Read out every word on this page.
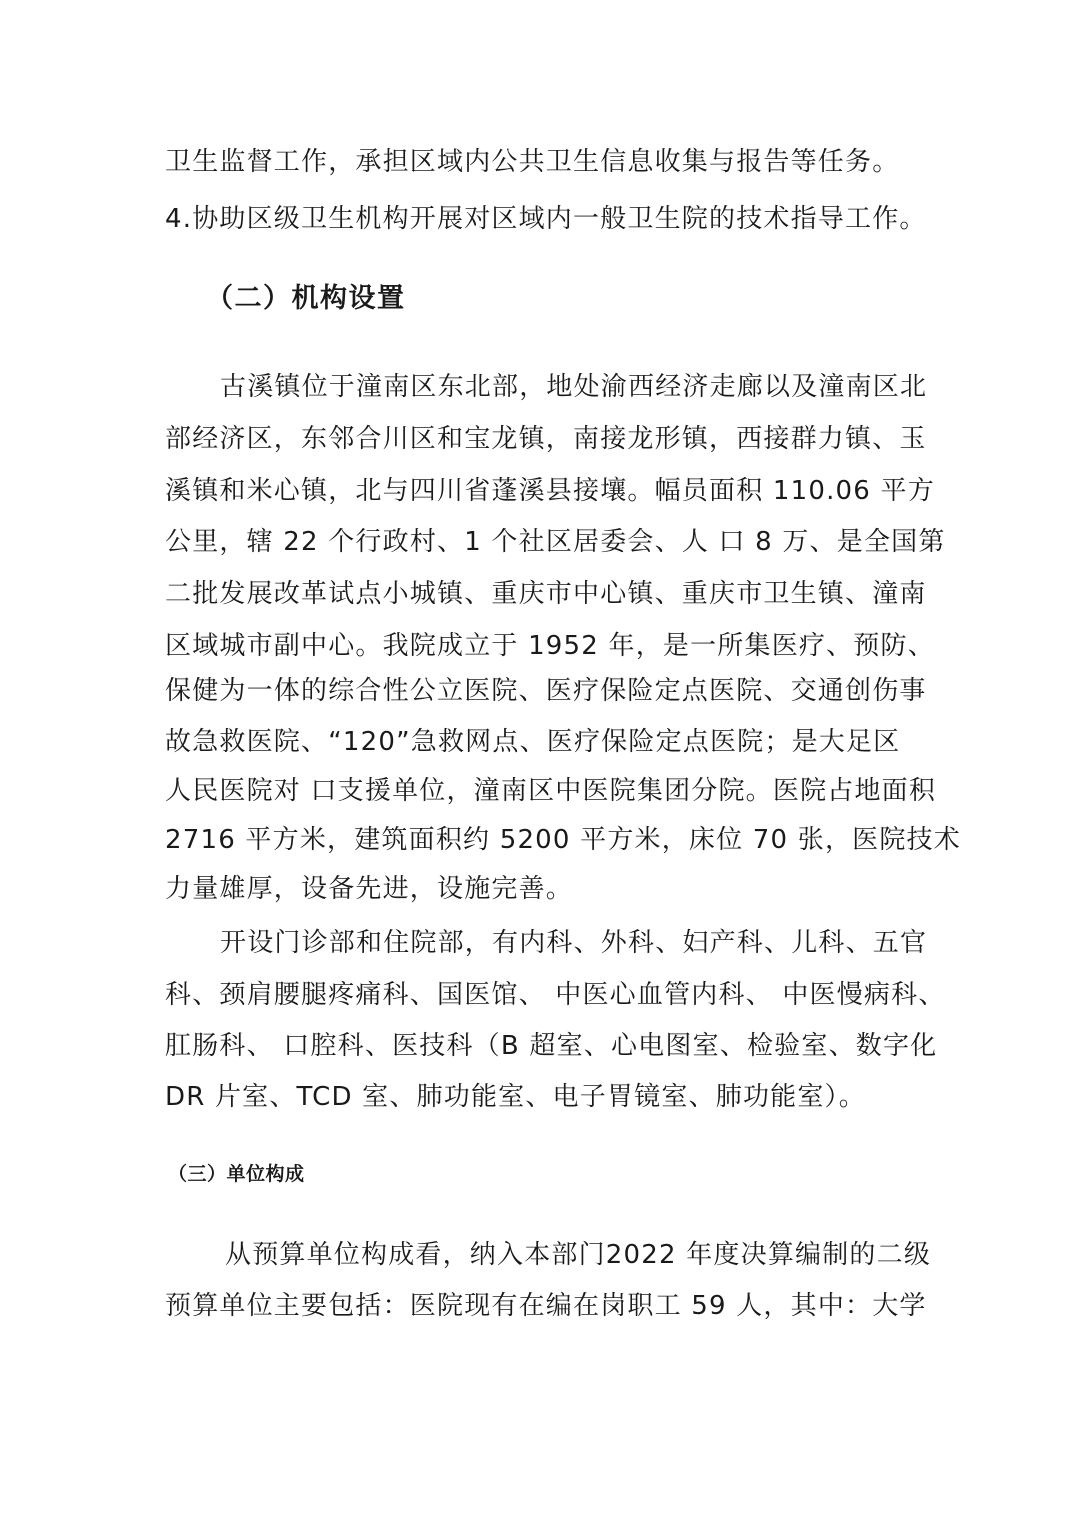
卫生监督工作，承担区域内公共卫生信息收集与报告等任务。
4.协助区级卫生机构开展对区域内一般卫生院的技术指导工作。
（二）机构设置
古溪镇位于潼南区东北部，地处渝西经济走廊以及潼南区北
部经济区，东邻合川区和宝龙镇，南接龙形镇，西接群力镇、玉
溪镇和米心镇，北与四川省蓬溪县接壤。幅员面积 110.06 平方
公里，辖 22 个行政村、1 个社区居委会、人 口 8 万、是全国第
二批发展改革试点小城镇、重庆市中心镇、重庆市卫生镇、潼南
区域城市副中心。我院成立于 1952 年，是一所集医疗、预防、
保健为一体的综合性公立医院、医疗保险定点医院、交通创伤事
故急救医院、“120”急救网点、医疗保险定点医院；是大足区
人民医院对 口支援单位，潼南区中医院集团分院。医院占地面积
2716 平方米，建筑面积约 5200 平方米，床位 70 张，医院技术
力量雄厚，设备先进，设施完善。
开设门诊部和住院部，有内科、外科、妇产科、儿科、五官
科、颈肩腰腿疼痛科、国医馆、 中医心血管内科、 中医慢病科、
肛肠科、 口腔科、医技科（B 超室、心电图室、检验室、数字化
DR 片室、TCD 室、肺功能室、电子胃镜室、肺功能室）。
（三）单位构成
从预算单位构成看，纳入本部门2022 年度决算编制的二级
预算单位主要包括：医院现有在编在岗职工 59 人，其中：大学
